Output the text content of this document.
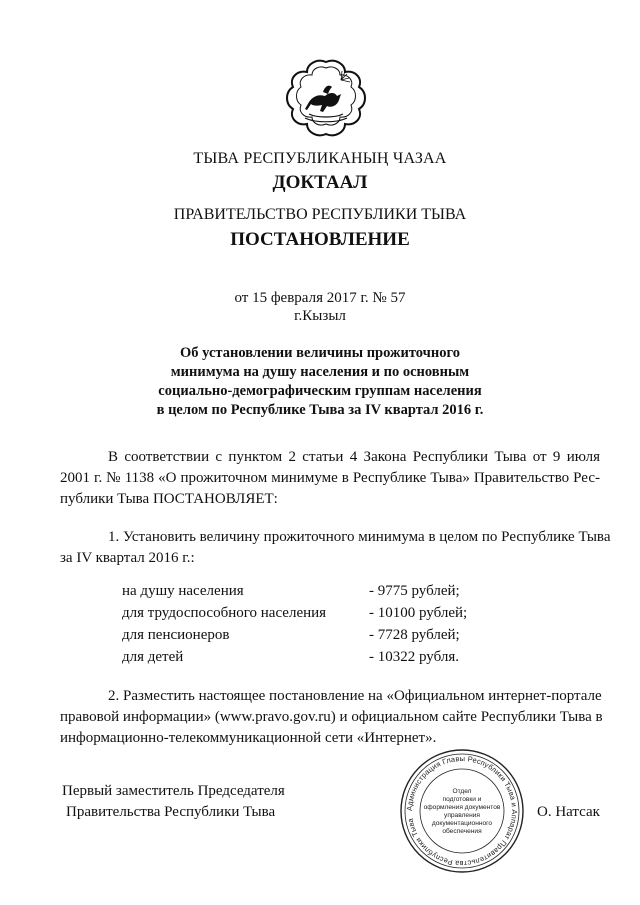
ТЫВА РЕСПУБЛИКАНЫҢ ЧАЗАА
ДОКТААЛ
ПРАВИТЕЛЬСТВО РЕСПУБЛИКИ ТЫВА
ПОСТАНОВЛЕНИЕ
от 15 февраля 2017 г. № 57
г.Кызыл
Об установлении величины прожиточного
минимума на душу населения и по основным
социально-демографическим группам населения
в целом по Республике Тыва за IV квартал 2016 г.
В соответствии с пунктом 2 статьи 4 Закона Республики Тыва от 9 июля
2001 г. № 1138 «О прожиточном минимуме в Республике Тыва» Правительство Рес-
публики Тыва ПОСТАНОВЛЯЕТ:
1. Установить величину прожиточного минимума в целом по Республике Тыва
за IV квартал 2016 г.:
на душу населения	- 9775 рублей;
для трудоспособного населения	- 10100 рублей;
для пенсионеров	- 7728 рублей;
для детей	- 10322 рубля.
2. Разместить настоящее постановление на «Официальном интернет-портале
правовой информации» (www.pravo.gov.ru) и официальном сайте Республики Тыва в
информационно-телекоммуникационной сети «Интернет».
Первый заместитель Председателя
Правительства Республики Тыва	О. Натсак
Администрация Главы Республики Тыва и Аппарат Правительства Республики Тыва
Отдел
подготовки и
оформления документов
управления
документационного
обеспечения
